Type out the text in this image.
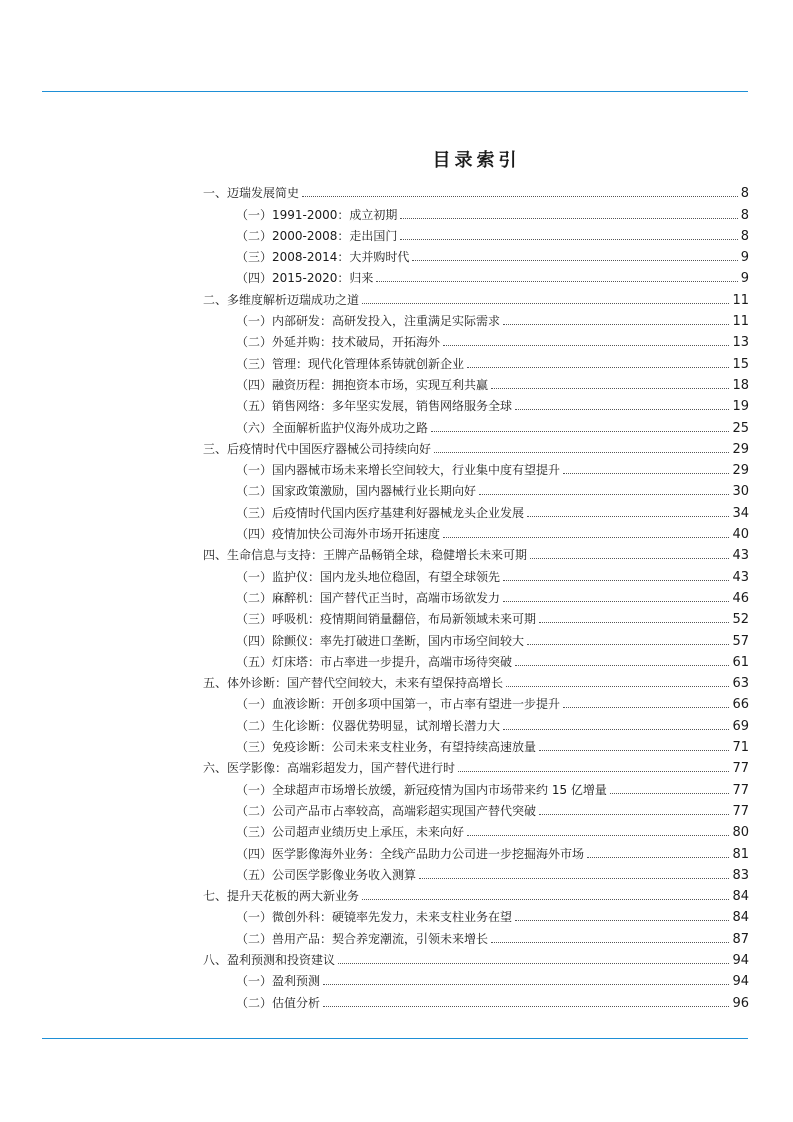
目录索引
一、迈瑞发展简史	8
（一）1991-2000：成立初期	8
（二）2000-2008：走出国门	8
（三）2008-2014：大并购时代	9
（四）2015-2020：归来	9
二、多维度解析迈瑞成功之道	11
（一）内部研发：高研发投入，注重满足实际需求	11
（二）外延并购：技术破局，开拓海外	13
（三）管理：现代化管理体系铸就创新企业	15
（四）融资历程：拥抱资本市场，实现互利共赢	18
（五）销售网络：多年坚实发展，销售网络服务全球	19
（六）全面解析监护仪海外成功之路	25
三、后疫情时代中国医疗器械公司持续向好	29
（一）国内器械市场未来增长空间较大，行业集中度有望提升	29
（二）国家政策激励，国内器械行业长期向好	30
（三）后疫情时代国内医疗基建利好器械龙头企业发展	34
（四）疫情加快公司海外市场开拓速度	40
四、生命信息与支持：王牌产品畅销全球，稳健增长未来可期	43
（一）监护仪：国内龙头地位稳固，有望全球领先	43
（二）麻醉机：国产替代正当时，高端市场欲发力	46
（三）呼吸机：疫情期间销量翻倍，布局新领域未来可期	52
（四）除颤仪：率先打破进口垄断，国内市场空间较大	57
（五）灯床塔：市占率进一步提升，高端市场待突破	61
五、体外诊断：国产替代空间较大，未来有望保持高增长	63
（一）血液诊断：开创多项中国第一，市占率有望进一步提升	66
（二）生化诊断：仪器优势明显，试剂增长潜力大	69
（三）免疫诊断：公司未来支柱业务，有望持续高速放量	71
六、医学影像：高端彩超发力，国产替代进行时	77
（一）全球超声市场增长放缓，新冠疫情为国内市场带来约 15 亿增量	77
（二）公司产品市占率较高，高端彩超实现国产替代突破	77
（三）公司超声业绩历史上承压，未来向好	80
（四）医学影像海外业务：全线产品助力公司进一步挖掘海外市场	81
（五）公司医学影像业务收入测算	83
七、提升天花板的两大新业务	84
（一）微创外科：硬镜率先发力，未来支柱业务在望	84
（二）兽用产品：契合养宠潮流，引领未来增长	87
八、盈利预测和投资建议	94
（一）盈利预测	94
（二）估值分析	96
